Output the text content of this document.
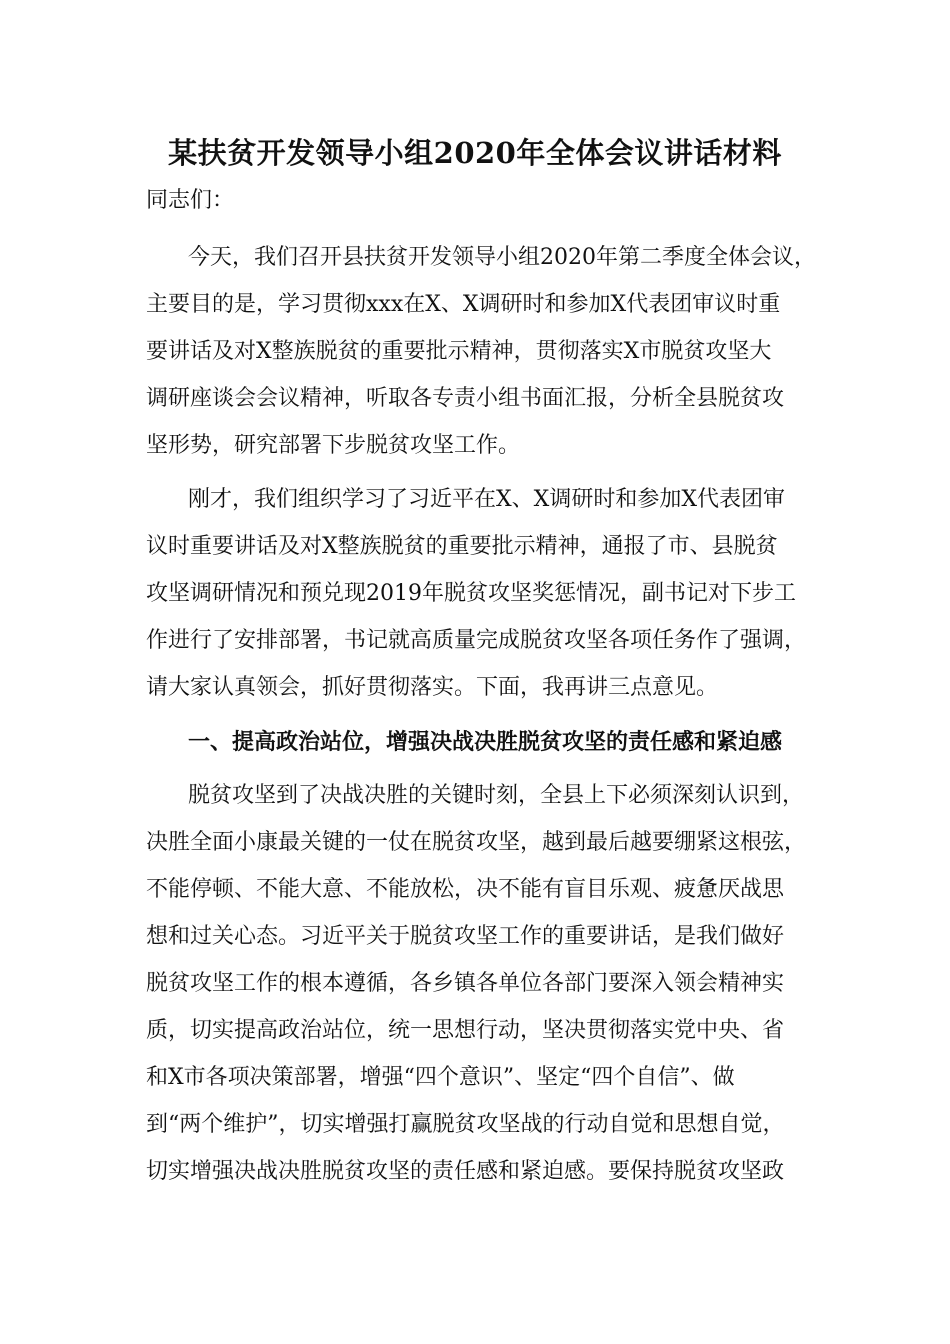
某扶贫开发领导小组2020年全体会议讲话材料
同志们：
今天，我们召开县扶贫开发领导小组2020年第二季度全体会议，
主要目的是，学习贯彻xxx在X、X调研时和参加X代表团审议时重
要讲话及对X整族脱贫的重要批示精神，贯彻落实X市脱贫攻坚大
调研座谈会会议精神，听取各专责小组书面汇报，分析全县脱贫攻
坚形势，研究部署下步脱贫攻坚工作。
刚才，我们组织学习了习近平在X、X调研时和参加X代表团审
议时重要讲话及对X整族脱贫的重要批示精神，通报了市、县脱贫
攻坚调研情况和预兑现2019年脱贫攻坚奖惩情况，副书记对下步工
作进行了安排部署，书记就高质量完成脱贫攻坚各项任务作了强调，
请大家认真领会，抓好贯彻落实。下面，我再讲三点意见。
一、提高政治站位，增强决战决胜脱贫攻坚的责任感和紧迫感
脱贫攻坚到了决战决胜的关键时刻，全县上下必须深刻认识到，
决胜全面小康最关键的一仗在脱贫攻坚，越到最后越要绷紧这根弦，
不能停顿、不能大意、不能放松，决不能有盲目乐观、疲惫厌战思
想和过关心态。习近平关于脱贫攻坚工作的重要讲话，是我们做好
脱贫攻坚工作的根本遵循，各乡镇各单位各部门要深入领会精神实
质，切实提高政治站位，统一思想行动，坚决贯彻落实党中央、省
和X市各项决策部署，增强“四个意识”、坚定“四个自信”、做
到“两个维护”，切实增强打赢脱贫攻坚战的行动自觉和思想自觉，
切实增强决战决胜脱贫攻坚的责任感和紧迫感。要保持脱贫攻坚政
